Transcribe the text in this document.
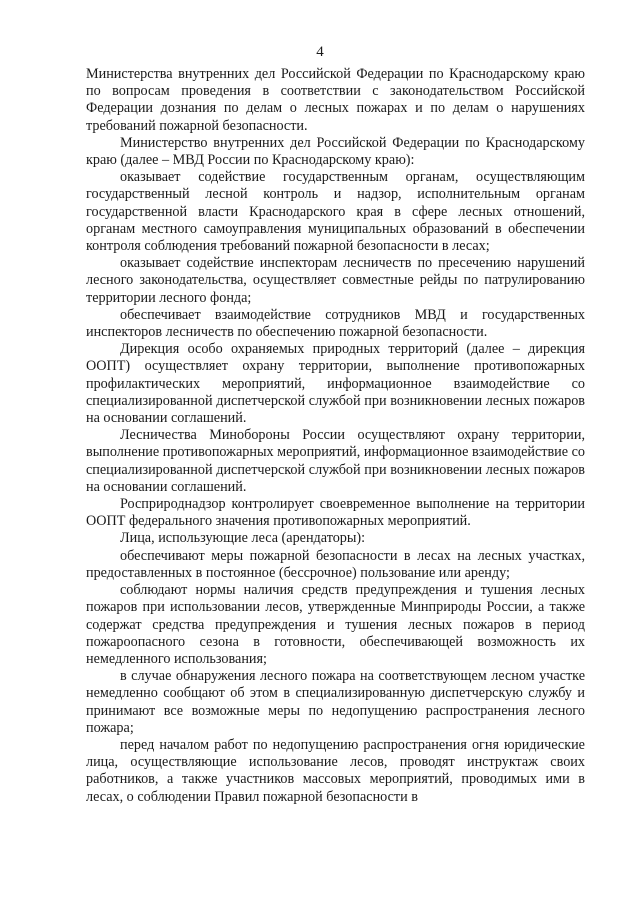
4

Министерства внутренних дел Российской Федерации по Краснодарскому краю по вопросам проведения в соответствии с законодательством Российской Федерации дознания по делам о лесных пожарах и по делам о нарушениях требований пожарной безопасности.

Министерство внутренних дел Российской Федерации по Краснодарскому краю (далее – МВД России по Краснодарскому краю):

оказывает содействие государственным органам, осуществляющим государственный лесной контроль и надзор, исполнительным органам государственной власти Краснодарского края в сфере лесных отношений, органам местного самоуправления муниципальных образований в обеспечении контроля соблюдения требований пожарной безопасности в лесах;

оказывает содействие инспекторам лесничеств по пресечению нарушений лесного законодательства, осуществляет совместные рейды по патрулированию территории лесного фонда;

обеспечивает взаимодействие сотрудников МВД и государственных инспекторов лесничеств по обеспечению пожарной безопасности.

Дирекция особо охраняемых природных территорий (далее – дирекция ООПТ) осуществляет охрану территории, выполнение противопожарных профилактических мероприятий, информационное взаимодействие со специализированной диспетчерской службой при возникновении лесных пожаров на основании соглашений.

Лесничества Минобороны России осуществляют охрану территории, выполнение противопожарных мероприятий, информационное взаимодействие со специализированной диспетчерской службой при возникновении лесных пожаров на основании соглашений.

Росприроднадзор контролирует своевременное выполнение на территории ООПТ федерального значения противопожарных мероприятий.

Лица, использующие леса (арендаторы):

обеспечивают меры пожарной безопасности в лесах на лесных участках, предоставленных в постоянное (бессрочное) пользование или аренду;

соблюдают нормы наличия средств предупреждения и тушения лесных пожаров при использовании лесов, утвержденные Минприроды России, а также содержат средства предупреждения и тушения лесных пожаров в период пожароопасного сезона в готовности, обеспечивающей возможность их немедленного использования;

в случае обнаружения лесного пожара на соответствующем лесном участке немедленно сообщают об этом в специализированную диспетчерскую службу и принимают все возможные меры по недопущению распространения лесного пожара;

перед началом работ по недопущению распространения огня юридические лица, осуществляющие использование лесов, проводят инструктаж своих работников, а также участников массовых мероприятий, проводимых ими в лесах, о соблюдении Правил пожарной безопасности в
